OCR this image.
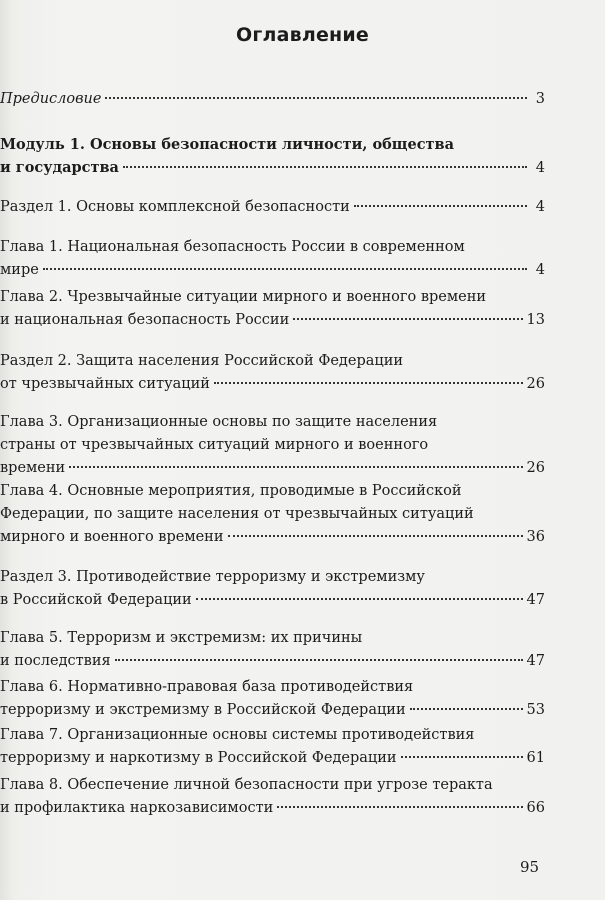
Оглавление
Предисловие	3
Модуль 1. Основы безопасности личности, общества
и государства	4
Раздел 1. Основы комплексной безопасности	4
Глава 1. Национальная безопасность России в современном
мире	4
Глава 2. Чрезвычайные ситуации мирного и военного времени
и национальная безопасность России	13
Раздел 2. Защита населения Российской Федерации
от чрезвычайных ситуаций	26
Глава 3. Организационные основы по защите населения
страны от чрезвычайных ситуаций мирного и военного
времени	26
Глава 4. Основные мероприятия, проводимые в Российской
Федерации, по защите населения от чрезвычайных ситуаций
мирного и военного времени	36
Раздел 3. Противодействие терроризму и экстремизму
в Российской Федерации	47
Глава 5. Терроризм и экстремизм: их причины
и последствия	47
Глава 6. Нормативно-правовая база противодействия
терроризму и экстремизму в Российской Федерации	53
Глава 7. Организационные основы системы противодействия
терроризму и наркотизму в Российской Федерации	61
Глава 8. Обеспечение личной безопасности при угрозе теракта
и профилактика наркозависимости	66
95
